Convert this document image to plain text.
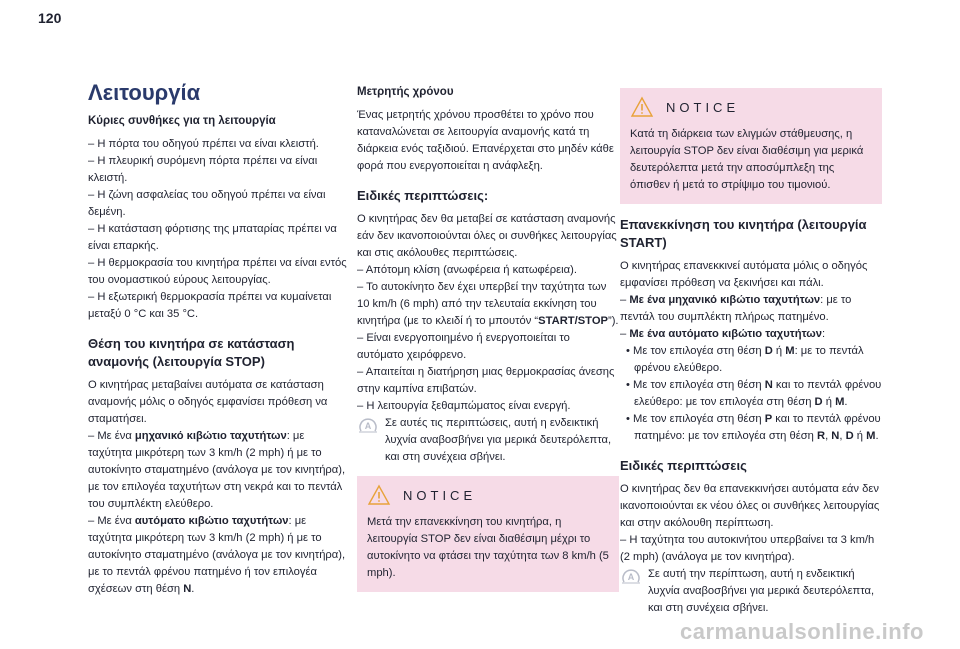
120
Λειτουργία
Κύριες συνθήκες για τη λειτουργία

– Η πόρτα του οδηγού πρέπει να είναι κλειστή.

– Η πλευρική συρόμενη πόρτα πρέπει να είναι κλειστή.

– Η ζώνη ασφαλείας του οδηγού πρέπει να είναι δεμένη.

– Η κατάσταση φόρτισης της μπαταρίας πρέπει να είναι επαρκής.

– Η θερμοκρασία του κινητήρα πρέπει να είναι εντός του ονομαστικού εύρους λειτουργίας.

– Η εξωτερική θερμοκρασία πρέπει να κυμαίνεται μεταξύ 0 °C και 35 °C.

Θέση του κινητήρα σε κατάσταση αναμονής (λειτουργία STOP)

Ο κινητήρας μεταβαίνει αυτόματα σε κατάσταση αναμονής μόλις ο οδηγός εμφανίσει πρόθεση να σταματήσει.

– Με ένα μηχανικό κιβώτιο ταχυτήτων: με ταχύτητα μικρότερη των 3 km/h (2 mph) ή με το αυτοκίνητο σταματημένο (ανάλογα με τον κινητήρα), με τον επιλογέα ταχυτήτων στη νεκρά και το πεντάλ του συμπλέκτη ελεύθερο.

– Με ένα αυτόματο κιβώτιο ταχυτήτων: με ταχύτητα μικρότερη των 3 km/h (2 mph) ή με το αυτοκίνητο σταματημένο (ανάλογα με τον κινητήρα), με το πεντάλ φρένου πατημένο ή τον επιλογέα σχέσεων στη θέση N.

Μετρητής χρόνου

Ένας μετρητής χρόνου προσθέτει το χρόνο που καταναλώνεται σε λειτουργία αναμονής κατά τη διάρκεια ενός ταξιδιού. Επανέρχεται στο μηδέν κάθε φορά που ενεργοποιείται η ανάφλεξη.

Ειδικές περιπτώσεις:

Ο κινητήρας δεν θα μεταβεί σε κατάσταση αναμονής εάν δεν ικανοποιούνται όλες οι συνθήκες λειτουργίας και στις ακόλουθες περιπτώσεις.

– Απότομη κλίση (ανωφέρεια ή κατωφέρεια).

– Το αυτοκίνητο δεν έχει υπερβεί την ταχύτητα των 10 km/h (6 mph) από την τελευταία εκκίνηση του κινητήρα (με το κλειδί ή το μπουτόν “START/STOP”).

– Είναι ενεργοποιημένο ή ενεργοποιείται το αυτόματο χειρόφρενο.

– Απαιτείται η διατήρηση μιας θερμοκρασίας άνεσης στην καμπίνα επιβατών.

– Η λειτουργία ξεθαμπώματος είναι ενεργή.

A Σε αυτές τις περιπτώσεις, αυτή η ενδεικτική λυχνία αναβοσβήνει για μερικά δευτερόλεπτα, και στη συνέχεια σβήνει.
NOTICE

Μετά την επανεκκίνηση του κινητήρα, η λειτουργία STOP δεν είναι διαθέσιμη μέχρι το αυτοκίνητο να φτάσει την ταχύτητα των 8 km/h (5 mph).

NOTICE

Κατά τη διάρκεια των ελιγμών στάθμευσης, η λειτουργία STOP δεν είναι διαθέσιμη για μερικά δευτερόλεπτα μετά την αποσύμπλεξη της όπισθεν ή μετά το στρίψιμο του τιμονιού.

Επανεκκίνηση του κινητήρα (λειτουργία START)

Ο κινητήρας επανεκκινεί αυτόματα μόλις ο οδηγός εμφανίσει πρόθεση να ξεκινήσει και πάλι.

– Με ένα μηχανικό κιβώτιο ταχυτήτων: με το πεντάλ του συμπλέκτη πλήρως πατημένο.

– Με ένα αυτόματο κιβώτιο ταχυτήτων:

• Με τον επιλογέα στη θέση D ή M: με το πεντάλ φρένου ελεύθερο.

• Με τον επιλογέα στη θέση N και το πεντάλ φρένου ελεύθερο: με τον επιλογέα στη θέση D ή M.

• Με τον επιλογέα στη θέση P και το πεντάλ φρένου πατημένο: με τον επιλογέα στη θέση R, N, D ή M.

Ειδικές περιπτώσεις

Ο κινητήρας δεν θα επανεκκινήσει αυτόματα εάν δεν ικανοποιούνται εκ νέου όλες οι συνθήκες λειτουργίας και στην ακόλουθη περίπτωση.

– Η ταχύτητα του αυτοκινήτου υπερβαίνει τα 3 km/h (2 mph) (ανάλογα με τον κινητήρα).

A Σε αυτή την περίπτωση, αυτή η ενδεικτική λυχνία αναβοσβήνει για μερικά δευτερόλεπτα, και στη συνέχεια σβήνει.
carmanualsonline.info
